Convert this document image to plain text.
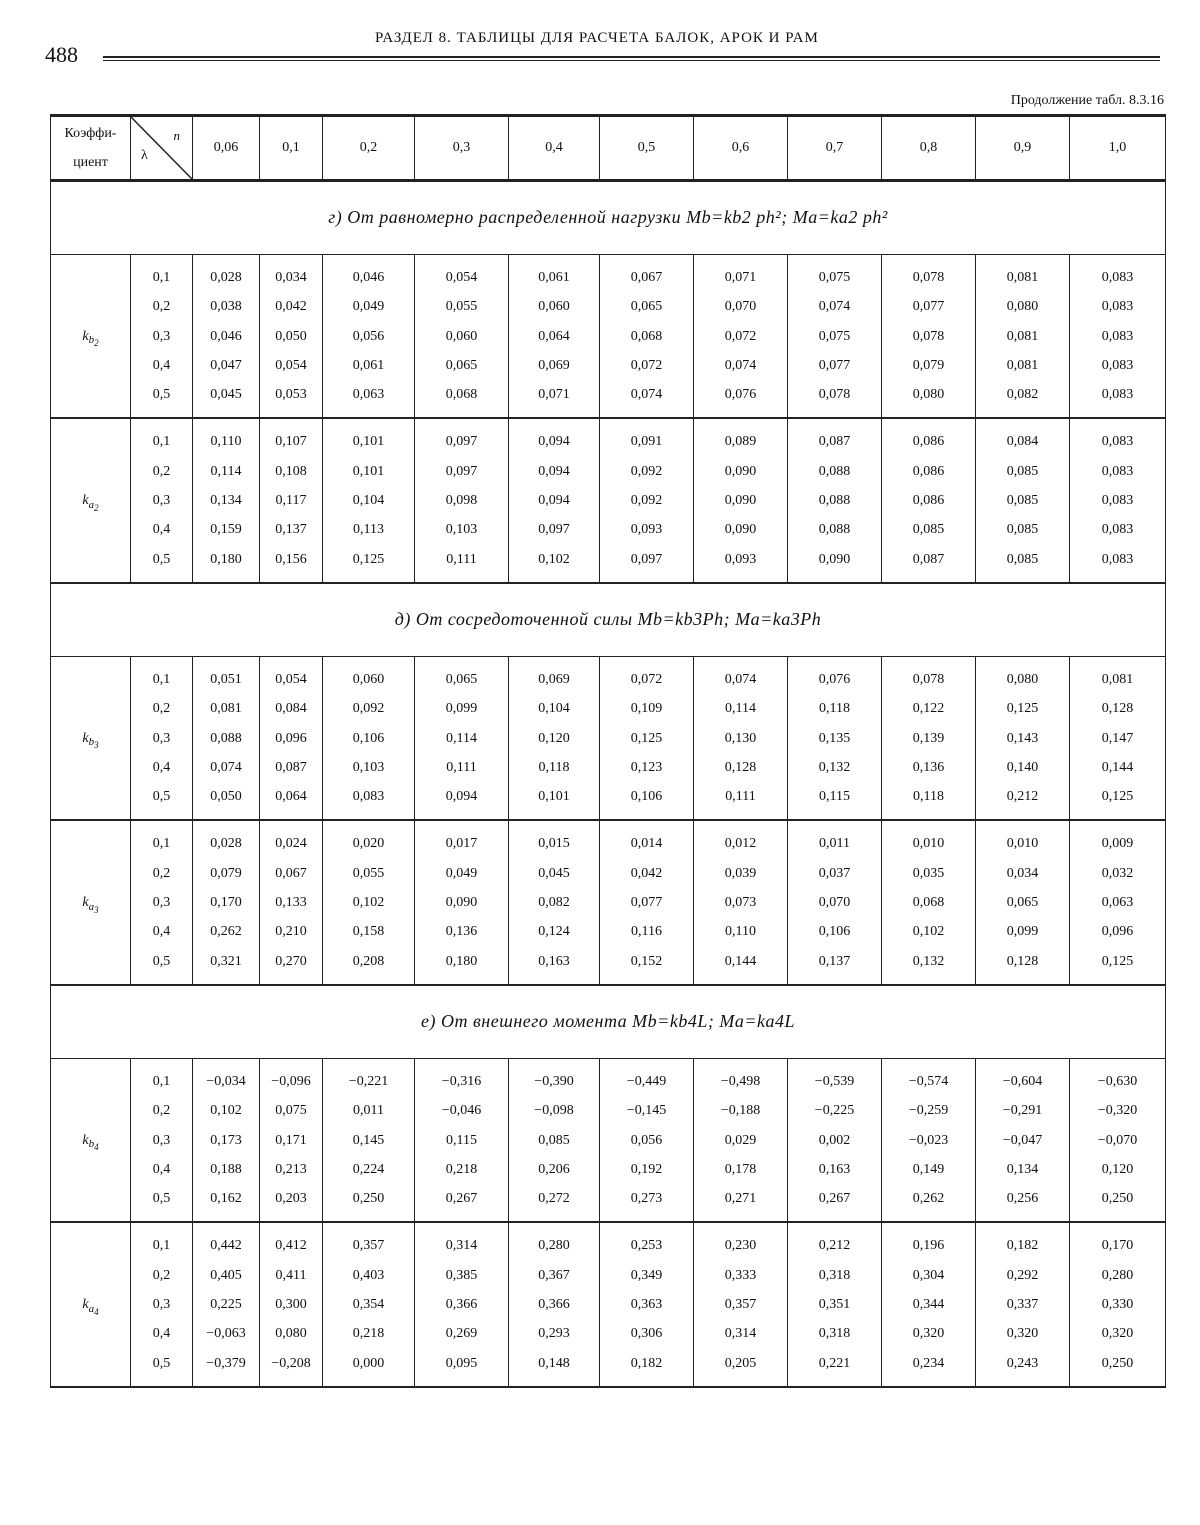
488
РАЗДЕЛ 8. ТАБЛИЦЫ ДЛЯ РАСЧЕТА БАЛОК, АРОК И РАМ
Продолжение табл. 8.3.16
Коэффи- циент	λ
n	0,06	0,1	0,2	0,3	0,4	0,5	0,6	0,7	0,8	0,9	1,0
г) От равномерно распределенной нагрузки Mb=kb2 ph²; Ma=ka2 ph²												
$k_{b_2}$	0,1	0,028	0,034	0,046	0,054	0,061	0,067	0,071	0,075	0,078	0,081	0,083
	0,2	0,038	0,042	0,049	0,055	0,060	0,065	0,070	0,074	0,077	0,080	0,083
	0,3	0,046	0,050	0,056	0,060	0,064	0,068	0,072	0,075	0,078	0,081	0,083
	0,4	0,047	0,054	0,061	0,065	0,069	0,072	0,074	0,077	0,079	0,081	0,083
	0,5	0,045	0,053	0,063	0,068	0,071	0,074	0,076	0,078	0,080	0,082	0,083
$k_{a_2}$	0,1	0,110	0,107	0,101	0,097	0,094	0,091	0,089	0,087	0,086	0,084	0,083
	0,2	0,114	0,108	0,101	0,097	0,094	0,092	0,090	0,088	0,086	0,085	0,083
	0,3	0,134	0,117	0,104	0,098	0,094	0,092	0,090	0,088	0,086	0,085	0,083
	0,4	0,159	0,137	0,113	0,103	0,097	0,093	0,090	0,088	0,085	0,085	0,083
	0,5	0,180	0,156	0,125	0,111	0,102	0,097	0,093	0,090	0,087	0,085	0,083
д) От сосредоточенной силы Mb=kb3Ph; Ma=ka3Ph												
$k_{b_3}$	0,1	0,051	0,054	0,060	0,065	0,069	0,072	0,074	0,076	0,078	0,080	0,081
	0,2	0,081	0,084	0,092	0,099	0,104	0,109	0,114	0,118	0,122	0,125	0,128
	0,3	0,088	0,096	0,106	0,114	0,120	0,125	0,130	0,135	0,139	0,143	0,147
	0,4	0,074	0,087	0,103	0,111	0,118	0,123	0,128	0,132	0,136	0,140	0,144
	0,5	0,050	0,064	0,083	0,094	0,101	0,106	0,111	0,115	0,118	0,212	0,125
$k_{a_3}$	0,1	0,028	0,024	0,020	0,017	0,015	0,014	0,012	0,011	0,010	0,010	0,009
	0,2	0,079	0,067	0,055	0,049	0,045	0,042	0,039	0,037	0,035	0,034	0,032
	0,3	0,170	0,133	0,102	0,090	0,082	0,077	0,073	0,070	0,068	0,065	0,063
	0,4	0,262	0,210	0,158	0,136	0,124	0,116	0,110	0,106	0,102	0,099	0,096
	0,5	0,321	0,270	0,208	0,180	0,163	0,152	0,144	0,137	0,132	0,128	0,125
е) От внешнего момента Mb=kb4L; Ma=ka4L												
$k_{b_4}$	0,1	−0,034	−0,096	−0,221	−0,316	−0,390	−0,449	−0,498	−0,539	−0,574	−0,604	−0,630
	0,2	0,102	0,075	0,011	−0,046	−0,098	−0,145	−0,188	−0,225	−0,259	−0,291	−0,320
	0,3	0,173	0,171	0,145	0,115	0,085	0,056	0,029	0,002	−0,023	−0,047	−0,070
	0,4	0,188	0,213	0,224	0,218	0,206	0,192	0,178	0,163	0,149	0,134	0,120
	0,5	0,162	0,203	0,250	0,267	0,272	0,273	0,271	0,267	0,262	0,256	0,250
$k_{a_4}$	0,1	0,442	0,412	0,357	0,314	0,280	0,253	0,230	0,212	0,196	0,182	0,170
	0,2	0,405	0,411	0,403	0,385	0,367	0,349	0,333	0,318	0,304	0,292	0,280
	0,3	0,225	0,300	0,354	0,366	0,366	0,363	0,357	0,351	0,344	0,337	0,330
	0,4	−0,063	0,080	0,218	0,269	0,293	0,306	0,314	0,318	0,320	0,320	0,320
	0,5	−0,379	−0,208	0,000	0,095	0,148	0,182	0,205	0,221	0,234	0,243	0,250
